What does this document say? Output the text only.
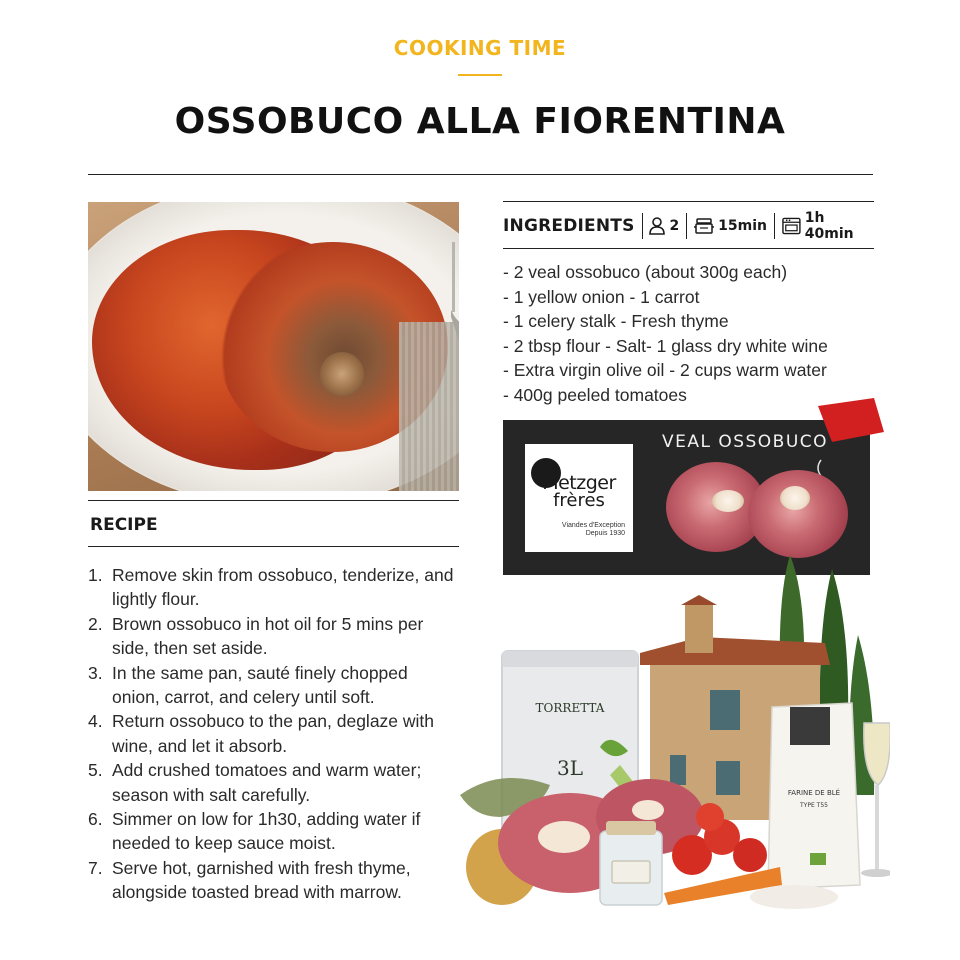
COOKING TIME
OSSOBUCO ALLA FIORENTINA
INGREDIENTS 2	15min	1h 40min
- 2 veal ossobuco (about 300g each)
- 1 yellow onion - 1 carrot
- 1 celery stalk - Fresh thyme
- 2 tbsp flour - Salt- 1 glass dry white wine
- Extra virgin olive oil - 2 cups warm water
- 400g peeled tomatoes
Metzger
frères
Viandes d'Exception
Depuis 1930
VEAL OSSOBUCO
RECIPE
1. Remove skin from ossobuco, tenderize, and lightly flour.
2. Brown ossobuco in hot oil for 5 mins per side, then set aside.
3. In the same pan, sauté finely chopped onion, carrot, and celery until soft.
4. Return ossobuco to the pan, deglaze with wine, and let it absorb.
5. Add crushed tomatoes and warm water; season with salt carefully.
6. Simmer on low for 1h30, adding water if needed to keep sauce moist.
7. Serve hot, garnished with fresh thyme, alongside toasted bread with marrow.
TORRETTA
3L
FARINE DE BLÉ
TYPE T55
